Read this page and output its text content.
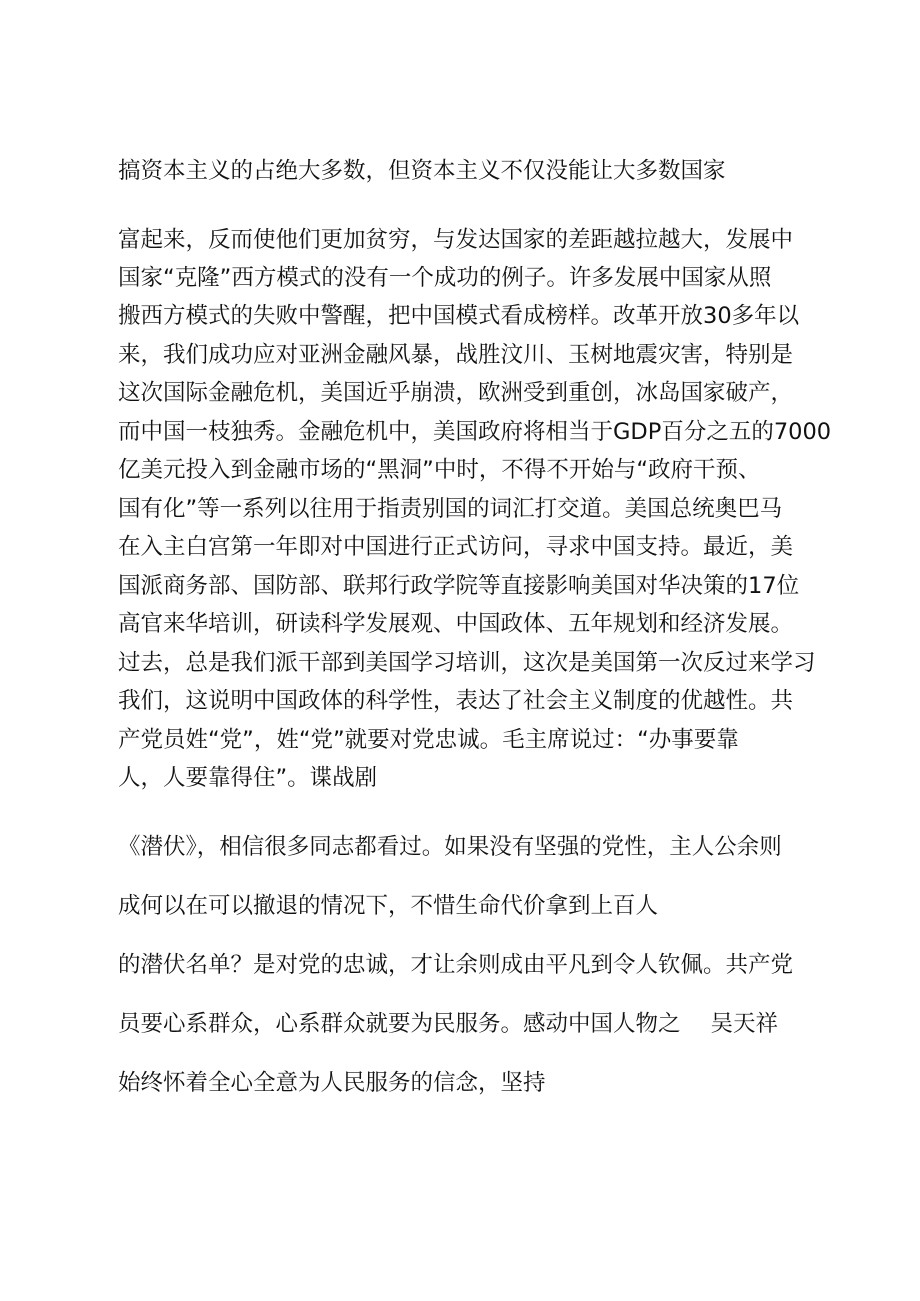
搞资本主义的占绝大多数，但资本主义不仅没能让大多数国家
富起来，反而使他们更加贫穷，与发达国家的差距越拉越大，发展中
国家“克隆”西方模式的没有一个成功的例子。许多发展中国家从照
搬西方模式的失败中警醒，把中国模式看成榜样。改革开放30多年以
来，我们成功应对亚洲金融风暴，战胜汶川、玉树地震灾害，特别是
这次国际金融危机，美国近乎崩溃，欧洲受到重创，冰岛国家破产，
而中国一枝独秀。金融危机中，美国政府将相当于GDP百分之五的7000
亿美元投入到金融市场的“黑洞”中时，不得不开始与“政府干预、
国有化”等一系列以往用于指责别国的词汇打交道。美国总统奥巴马
在入主白宫第一年即对中国进行正式访问，寻求中国支持。最近，美
国派商务部、国防部、联邦行政学院等直接影响美国对华决策的17位
高官来华培训，研读科学发展观、中国政体、五年规划和经济发展。
过去，总是我们派干部到美国学习培训，这次是美国第一次反过来学习
我们，这说明中国政体的科学性，表达了社会主义制度的优越性。共
产党员姓“党”，姓“党”就要对党忠诚。毛主席说过：“办事要靠
人，人要靠得住”。谍战剧
《潜伏》，相信很多同志都看过。如果没有坚强的党性，主人公余则
成何以在可以撤退的情况下，不惜生命代价拿到上百人
的潜伏名单？是对党的忠诚，才让余则成由平凡到令人钦佩。共产党
员要心系群众，心系群众就要为民服务。感动中国人物之 吴天祥
始终怀着全心全意为人民服务的信念，坚持
